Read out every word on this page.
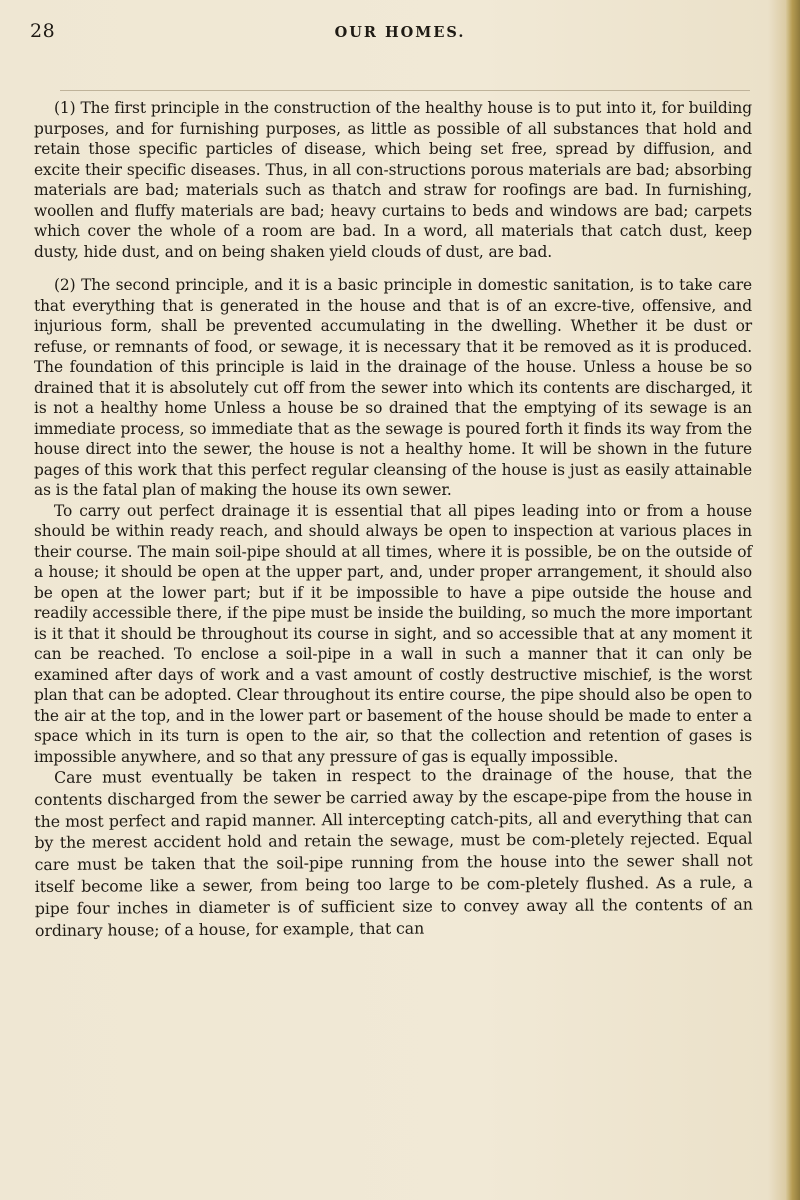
28	OUR HOMES.

(1) The first principle in the construction of the healthy house is to put into it, for building purposes, and for furnishing purposes, as little as possible of all substances that hold and retain those specific particles of disease, which being set free, spread by diffusion, and excite their specific diseases. Thus, in all con-structions porous materials are bad; absorbing materials are bad; materials such as thatch and straw for roofings are bad. In furnishing, woollen and fluffy materials are bad; heavy curtains to beds and windows are bad; carpets which cover the whole of a room are bad. In a word, all materials that catch dust, keep dusty, hide dust, and on being shaken yield clouds of dust, are bad.

(2) The second principle, and it is a basic principle in domestic sanitation, is to take care that everything that is generated in the house and that is of an excre-tive, offensive, and injurious form, shall be prevented accumulating in the dwelling. Whether it be dust or refuse, or remnants of food, or sewage, it is necessary that it be removed as it is produced. The foundation of this principle is laid in the drainage of the house. Unless a house be so drained that it is absolutely cut off from the sewer into which its contents are discharged, it is not a healthy home Unless a house be so drained that the emptying of its sewage is an immediate process, so immediate that as the sewage is poured forth it finds its way from the house direct into the sewer, the house is not a healthy home. It will be shown in the future pages of this work that this perfect regular cleansing of the house is just as easily attainable as is the fatal plan of making the house its own sewer.

To carry out perfect drainage it is essential that all pipes leading into or from a house should be within ready reach, and should always be open to inspection at various places in their course. The main soil-pipe should at all times, where it is possible, be on the outside of a house; it should be open at the upper part, and, under proper arrangement, it should also be open at the lower part; but if it be impossible to have a pipe outside the house and readily accessible there, if the pipe must be inside the building, so much the more important is it that it should be throughout its course in sight, and so accessible that at any moment it can be reached. To enclose a soil-pipe in a wall in such a manner that it can only be examined after days of work and a vast amount of costly destructive mischief, is the worst plan that can be adopted. Clear throughout its entire course, the pipe should also be open to the air at the top, and in the lower part or basement of the house should be made to enter a space which in its turn is open to the air, so that the collection and retention of gases is impossible anywhere, and so that any pressure of gas is equally impossible.

Care must eventually be taken in respect to the drainage of the house, that the contents discharged from the sewer be carried away by the escape-pipe from the house in the most perfect and rapid manner. All intercepting catch-pits, all and everything that can by the merest accident hold and retain the sewage, must be com-pletely rejected. Equal care must be taken that the soil-pipe running from the house into the sewer shall not itself become like a sewer, from being too large to be com-pletely flushed. As a rule, a pipe four inches in diameter is of sufficient size to convey away all the contents of an ordinary house; of a house, for example, that can
